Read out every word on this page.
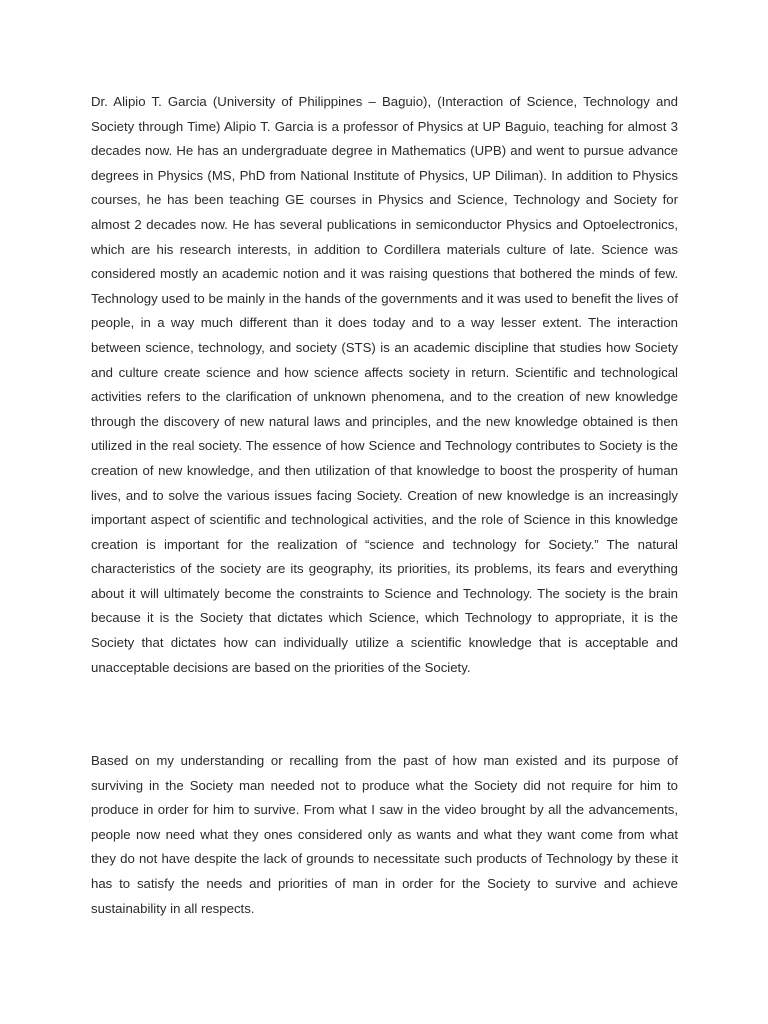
Dr. Alipio T. Garcia (University of Philippines – Baguio), (Interaction of Science, Technology and Society through Time) Alipio T. Garcia is a professor of Physics at UP Baguio, teaching for almost 3 decades now. He has an undergraduate degree in Mathematics (UPB) and went to pursue advance degrees in Physics (MS, PhD from National Institute of Physics, UP Diliman). In addition to Physics courses, he has been teaching GE courses in Physics and Science, Technology and Society for almost 2 decades now. He has several publications in semiconductor Physics and Optoelectronics, which are his research interests, in addition to Cordillera materials culture of late. Science was considered mostly an academic notion and it was raising questions that bothered the minds of few. Technology used to be mainly in the hands of the governments and it was used to benefit the lives of people, in a way much different than it does today and to a way lesser extent. The interaction between science, technology, and society (STS) is an academic discipline that studies how Society and culture create science and how science affects society in return. Scientific and technological activities refers to the clarification of unknown phenomena, and to the creation of new knowledge through the discovery of new natural laws and principles, and the new knowledge obtained is then utilized in the real society. The essence of how Science and Technology contributes to Society is the creation of new knowledge, and then utilization of that knowledge to boost the prosperity of human lives, and to solve the various issues facing Society. Creation of new knowledge is an increasingly important aspect of scientific and technological activities, and the role of Science in this knowledge creation is important for the realization of “science and technology for Society.” The natural characteristics of the society are its geography, its priorities, its problems, its fears and everything about it will ultimately become the constraints to Science and Technology. The society is the brain because it is the Society that dictates which Science, which Technology to appropriate, it is the Society that dictates how can individually utilize a scientific knowledge that is acceptable and unacceptable decisions are based on the priorities of the Society.

Based on my understanding or recalling from the past of how man existed and its purpose of surviving in the Society man needed not to produce what the Society did not require for him to produce in order for him to survive. From what I saw in the video brought by all the advancements, people now need what they ones considered only as wants and what they want come from what they do not have despite the lack of grounds to necessitate such products of Technology by these it has to satisfy the needs and priorities of man in order for the Society to survive and achieve sustainability in all respects.
